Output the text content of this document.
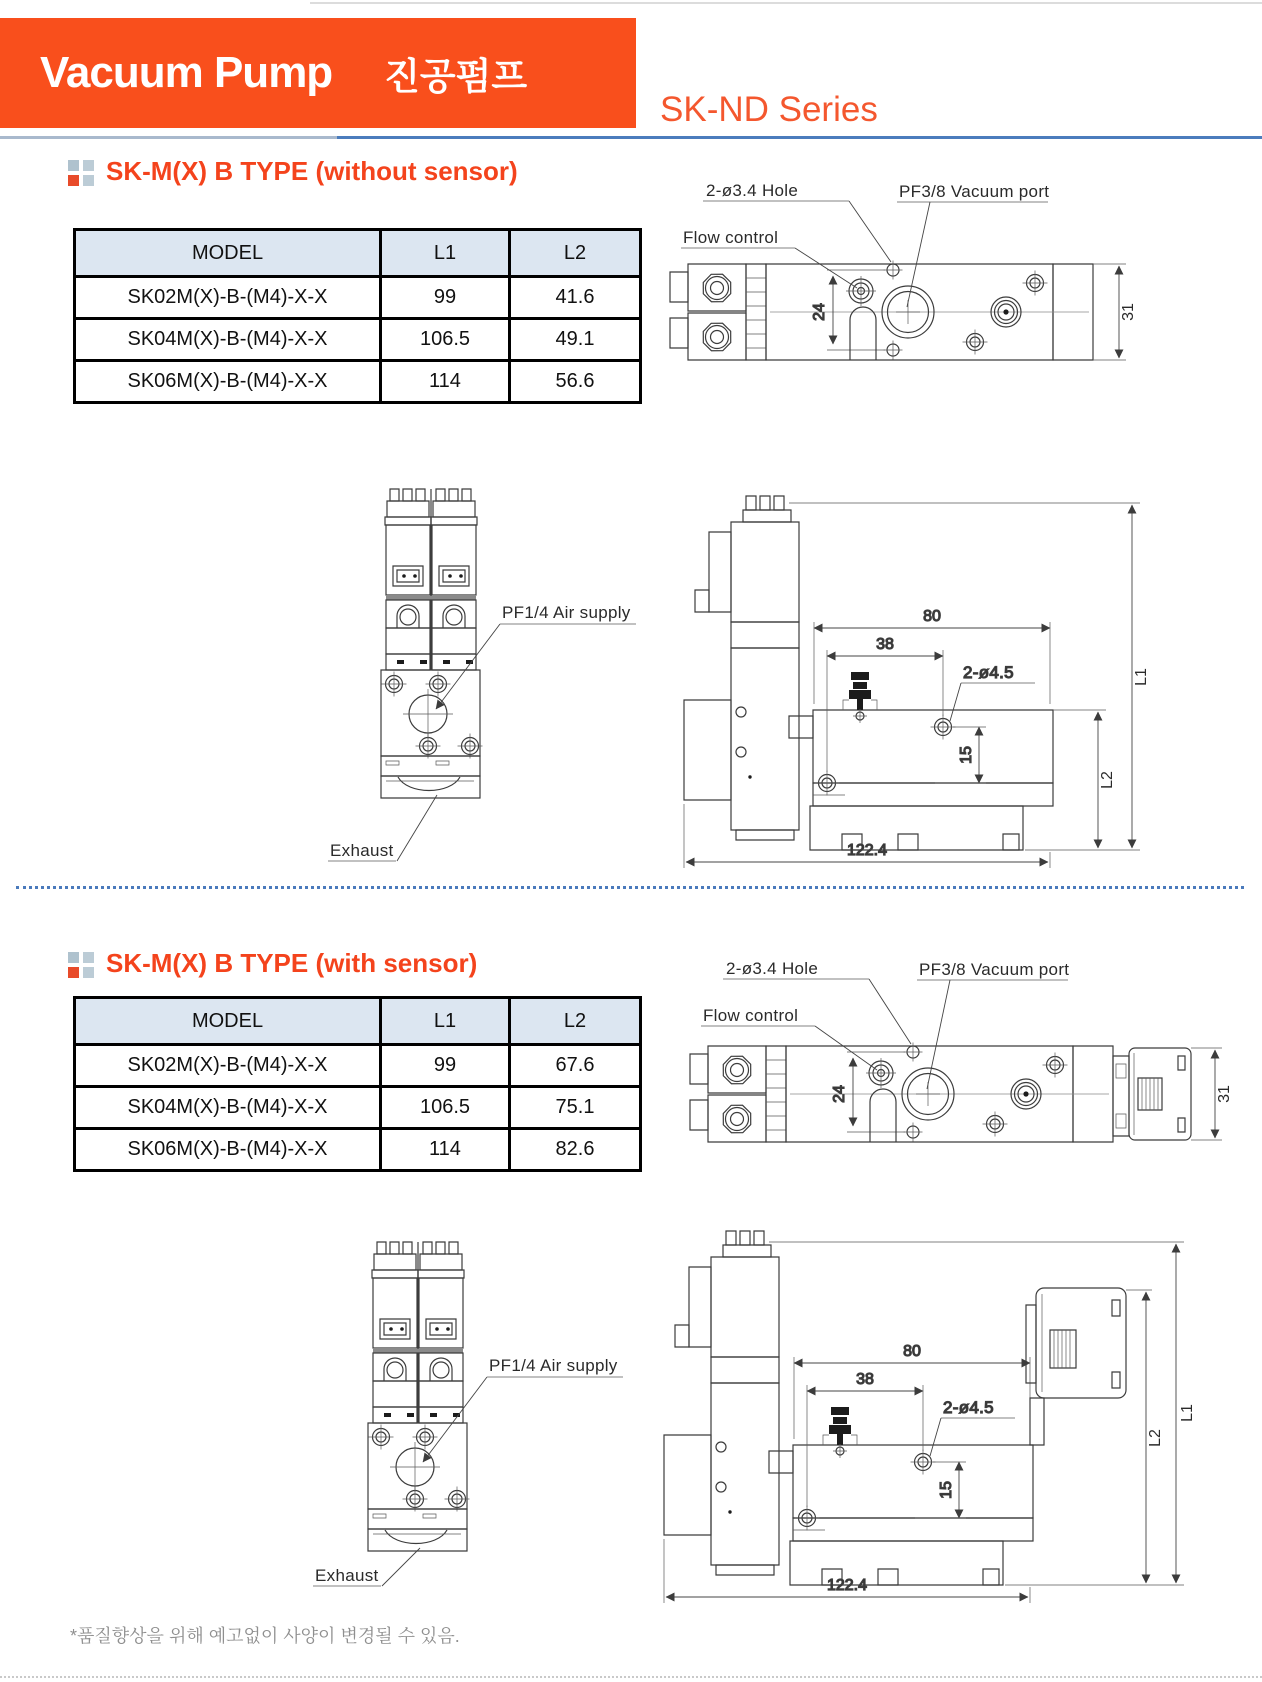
Vacuum Pump 진공펌프
SK-ND Series
SK-M(X) B TYPE (without sensor)
MODEL	L1	L2
SK02M(X)-B-(M4)-X-X	99	41.6
SK04M(X)-B-(M4)-X-X	106.5	49.1
SK06M(X)-B-(M4)-X-X	114	56.6
2-ø3.4 Hole	PF3/8 Vacuum port
Flow control
31
PF1/4 Air supply
Exhaust
L1
L2
SK-M(X) B TYPE (with sensor)
MODEL	L1	L2
SK02M(X)-B-(M4)-X-X	99	67.6
SK04M(X)-B-(M4)-X-X	106.5	75.1
SK06M(X)-B-(M4)-X-X	114	82.6
2-ø3.4 Hole	PF3/8 Vacuum port
Flow control
31
PF1/4 Air supply
Exhaust
L1
L2
*품질향상을 위해 예고없이 사양이 변경될 수 있음.
